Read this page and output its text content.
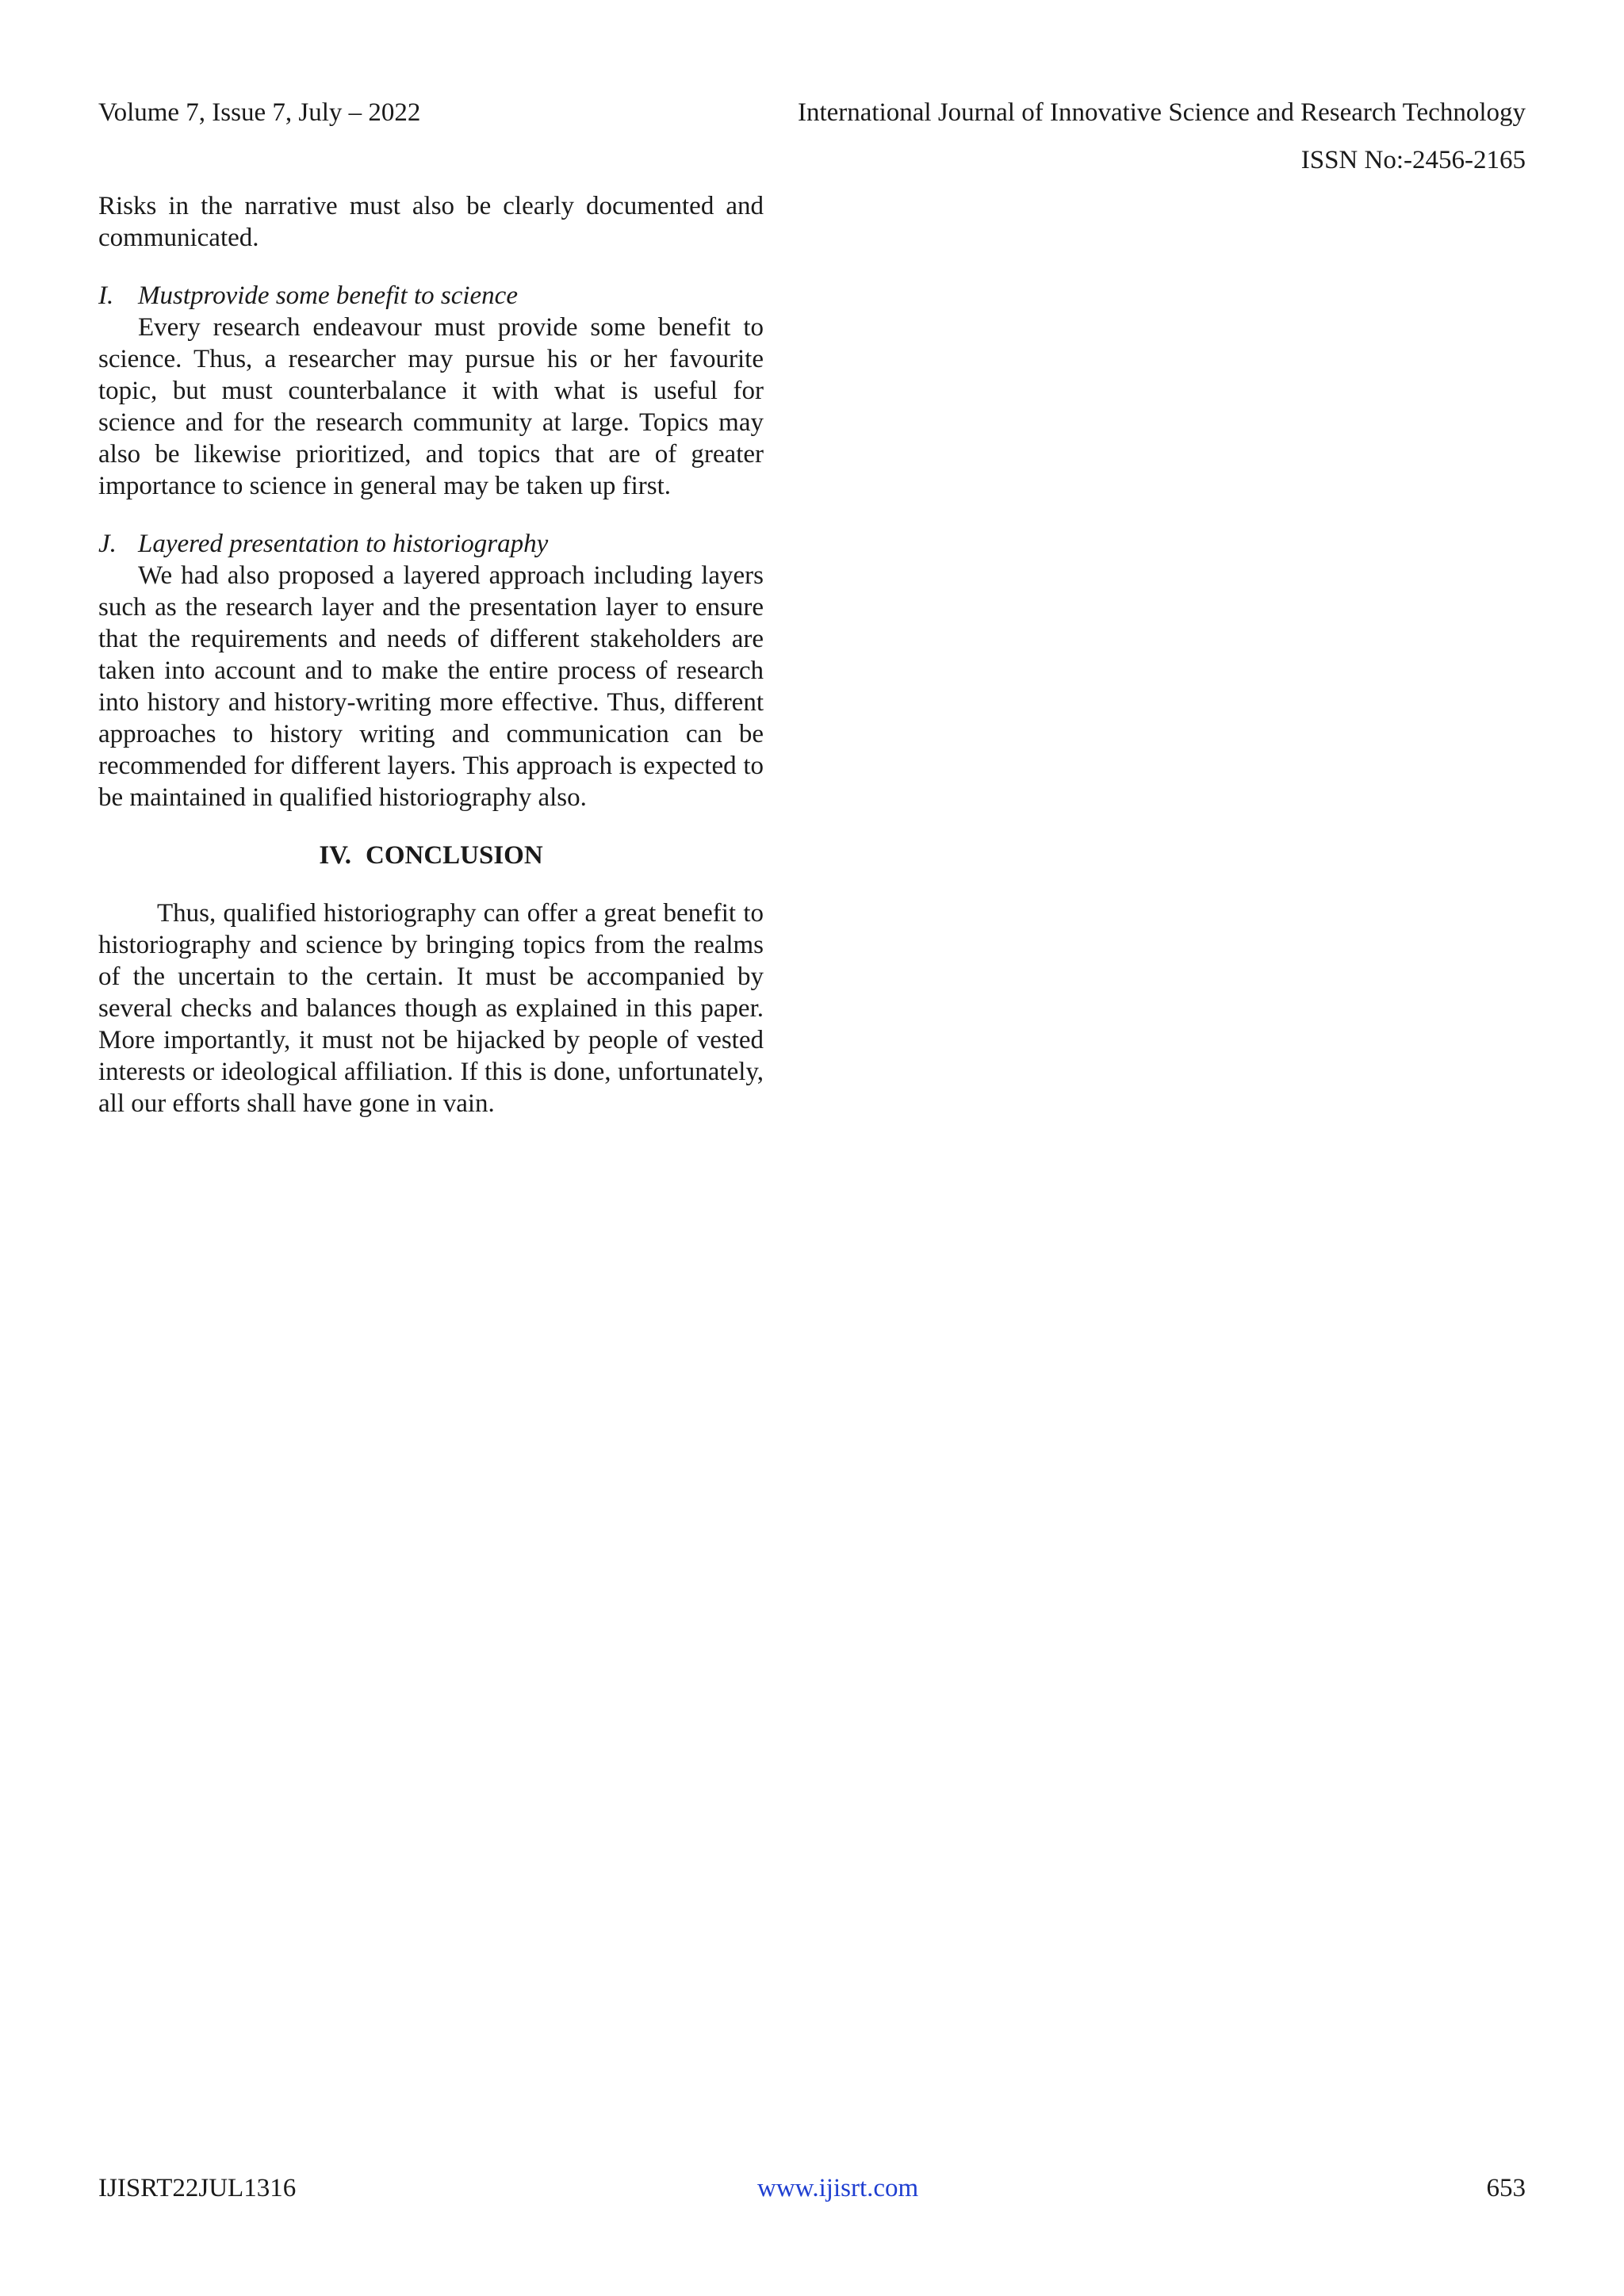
Volume 7, Issue 7, July – 2022	International Journal of Innovative Science and Research Technology
ISSN No:-2456-2165

Risks in the narrative must also be clearly documented and communicated.

I. Mustprovide some benefit to science

Every research endeavour must provide some benefit to science. Thus, a researcher may pursue his or her favourite topic, but must counterbalance it with what is useful for science and for the research community at large. Topics may also be likewise prioritized, and topics that are of greater importance to science in general may be taken up first.

J. Layered presentation to historiography

We had also proposed a layered approach including layers such as the research layer and the presentation layer to ensure that the requirements and needs of different stakeholders are taken into account and to make the entire process of research into history and history-writing more effective. Thus, different approaches to history writing and communication can be recommended for different layers. This approach is expected to be maintained in qualified historiography also.

IV. CONCLUSION

Thus, qualified historiography can offer a great benefit to historiography and science by bringing topics from the realms of the uncertain to the certain. It must be accompanied by several checks and balances though as explained in this paper. More importantly, it must not be hijacked by people of vested interests or ideological affiliation. If this is done, unfortunately, all our efforts shall have gone in vain.

IJISRT22JUL1316	www.ijisrt.com	653
